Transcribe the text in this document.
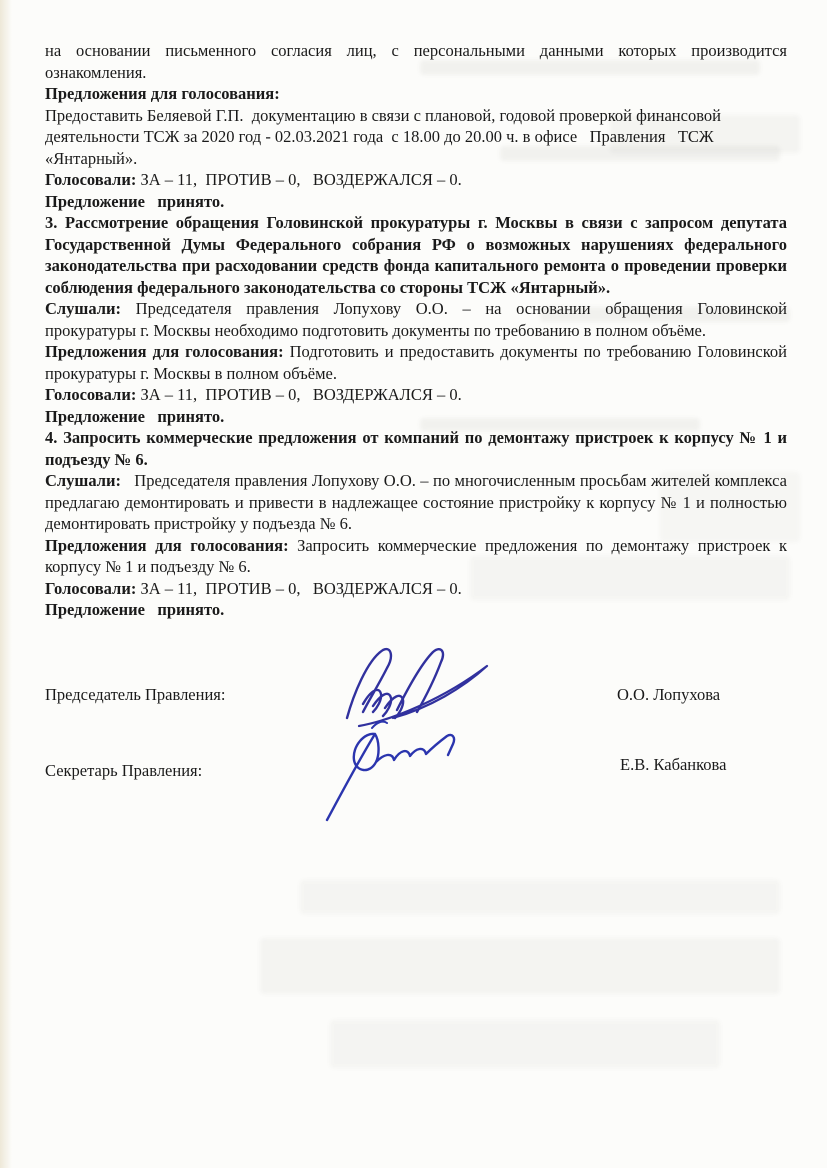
на основании письменного согласия лиц, с персональными данными которых производится ознакомления.

Предложения для голосования:

Предоставить Беляевой Г.П.  документацию в связи с плановой, годовой проверкой финансовой деятельности ТСЖ за 2020 год - 02.03.2021 года  с 18.00 до 20.00 ч. в офисе   Правления   ТСЖ «Янтарный».

Голосовали: ЗА – 11,  ПРОТИВ – 0,   ВОЗДЕРЖАЛСЯ – 0.

Предложение   принято.

3. Рассмотрение обращения Головинской прокуратуры г. Москвы в связи с запросом депутата Государственной Думы Федерального собрания РФ о возможных нарушениях федерального законодательства при расходовании средств фонда капитального ремонта о проведении проверки соблюдения федерального законодательства со стороны ТСЖ «Янтарный».

Слушали: Председателя правления Лопухову О.О. – на основании обращения Головинской прокуратуры г. Москвы необходимо подготовить документы по требованию в полном объёме.

Предложения для голосования: Подготовить и предоставить документы по требованию Головинской прокуратуры г. Москвы в полном объёме.

Голосовали: ЗА – 11,  ПРОТИВ – 0,   ВОЗДЕРЖАЛСЯ – 0.

Предложение   принято.

4. Запросить коммерческие предложения от компаний по демонтажу пристроек к корпусу № 1 и подъезду № 6.

Слушали:   Председателя правления Лопухову О.О. – по многочисленным просьбам жителей комплекса предлагаю демонтировать и привести в надлежащее состояние пристройку к корпусу № 1 и полностью демонтировать пристройку у подъезда № 6.

Предложения для голосования: Запросить коммерческие предложения по демонтажу пристроек к корпусу № 1 и подъезду № 6.

Голосовали: ЗА – 11,  ПРОТИВ – 0,   ВОЗДЕРЖАЛСЯ – 0.

Предложение   принято.

Председатель Правления:	О.О. Лопухова
Секретарь Правления:	Е.В. Кабанкова
